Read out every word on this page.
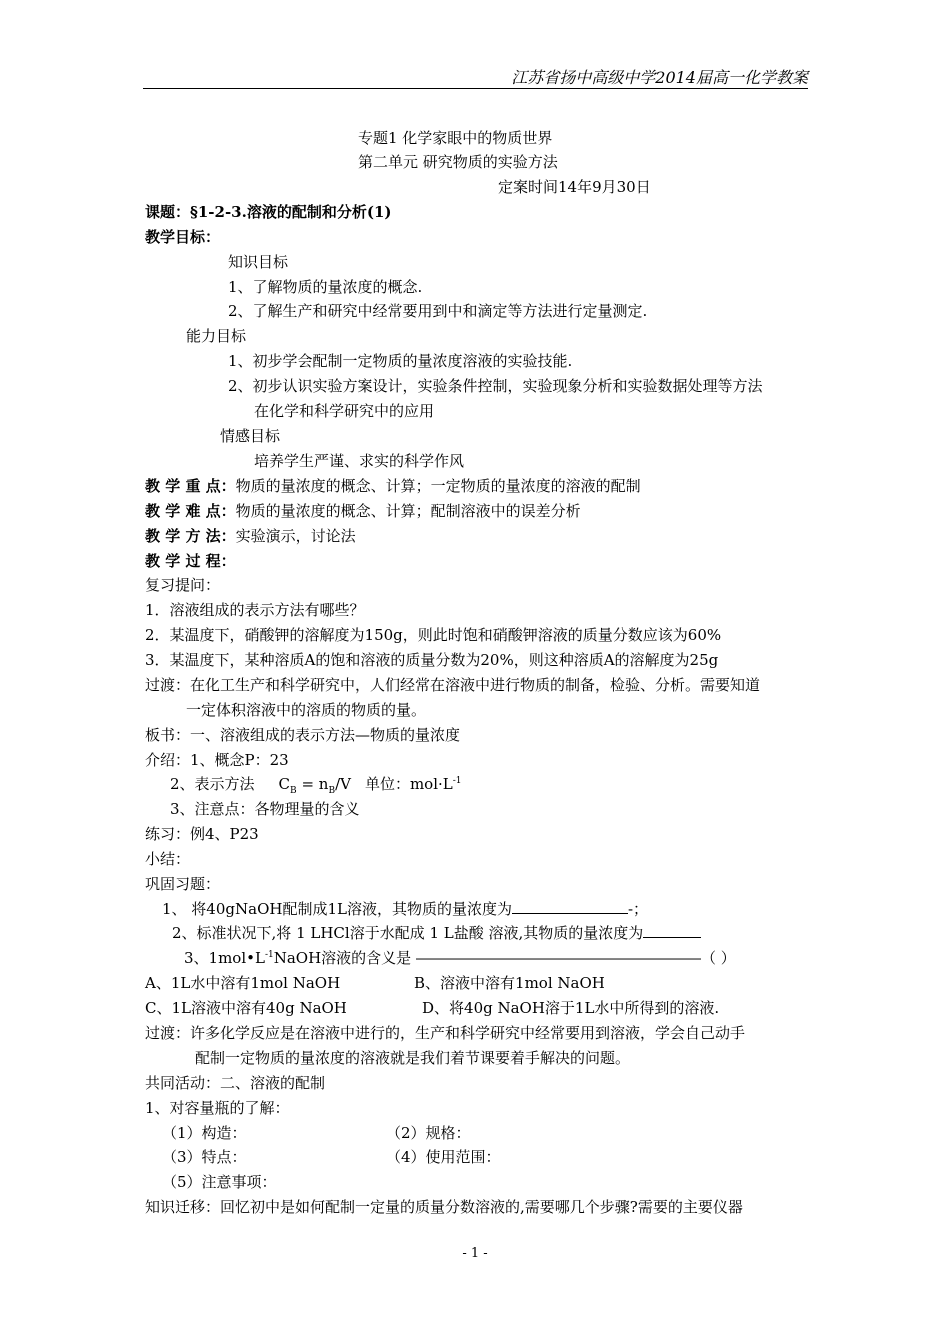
江苏省扬中高级中学2014届高一化学教案
专题1 化学家眼中的物质世界
第二单元 研究物质的实验方法
定案时间14年9月30日
课题：§1-2-3.溶液的配制和分析(1)
教学目标：
知识目标
1、了解物质的量浓度的概念.
2、了解生产和研究中经常要用到中和滴定等方法进行定量测定.
能力目标
1、初步学会配制一定物质的量浓度溶液的实验技能.
2、初步认识实验方案设计，实验条件控制，实验现象分析和实验数据处理等方法
在化学和科学研究中的应用
情感目标
培养学生严谨、求实的科学作风
教 学 重 点：物质的量浓度的概念、计算；一定物质的量浓度的溶液的配制
教 学 难 点：物质的量浓度的概念、计算；配制溶液中的误差分析
教 学 方 法：实验演示，讨论法
教 学 过 程：
复习提问：
1．溶液组成的表示方法有哪些？
2．某温度下，硝酸钾的溶解度为150g，则此时饱和硝酸钾溶液的质量分数应该为60%
3．某温度下，某种溶质A的饱和溶液的质量分数为20%，则这种溶质A的溶解度为25g
过渡：在化工生产和科学研究中，人们经常在溶液中进行物质的制备，检验、分析。需要知道
一定体积溶液中的溶质的物质的量。
板书：一、溶液组成的表示方法—物质的量浓度
介绍：1、概念P：23
2、表示方法 $C_B = n_B/V$ 单位：$mol\cdot L^{-1}$
3、注意点：各物理量的含义
练习：例4、P23
小结：
巩固习题：
1、 将40gNaOH配制成1L溶液，其物质的量浓度为	-；
2、标准状况下,将 1 LHCl溶于水配成 1 L盐酸 溶液,其物质的量浓度为
3、$1mol•L^{-1}NaOH$溶液的含义是 ―――――――――――――――――――（ ）
A、1L水中溶有1mol NaOH	B、溶液中溶有1mol NaOH
C、1L溶液中溶有40g NaOH	D、将40g NaOH溶于1L水中所得到的溶液.
过渡：许多化学反应是在溶液中进行的，生产和科学研究中经常要用到溶液，学会自己动手
配制一定物质的量浓度的溶液就是我们着节课要着手解决的问题。
共同活动：二、溶液的配制
1、对容量瓶的了解：
（1）构造：	（2）规格：
（3）特点：	（4）使用范围：
（5）注意事项：
知识迁移：回忆初中是如何配制一定量的质量分数溶液的,需要哪几个步骤?需要的主要仪器
- 1 -
